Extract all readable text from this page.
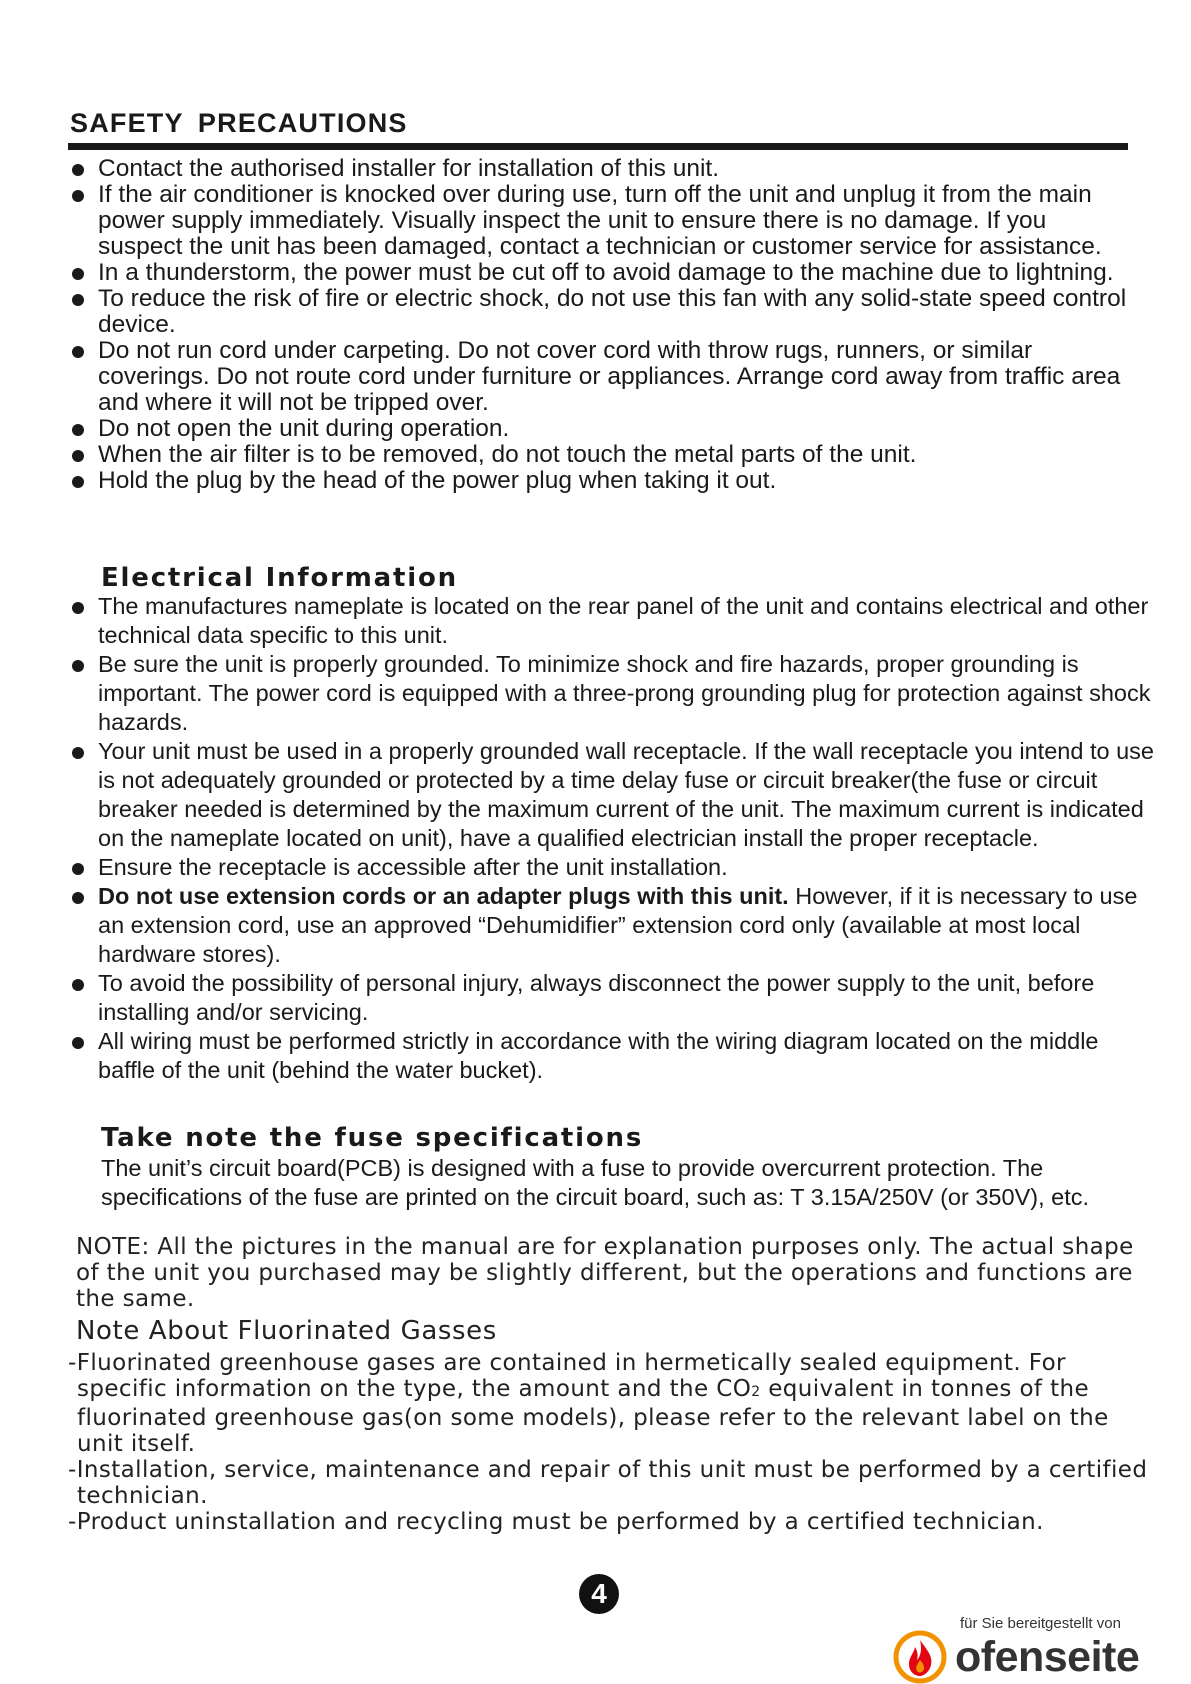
SAFETY PRECAUTIONS
Contact the authorised installer for installation of this unit.
If the air conditioner is knocked over during use, turn off the unit and unplug it from the main power supply immediately. Visually inspect the unit to ensure there is no damage. If you suspect the unit has been damaged, contact a technician or customer service for assistance.
In a thunderstorm, the power must be cut off to avoid damage to the machine due to lightning.
To reduce the risk of fire or electric shock, do not use this fan with any solid-state speed control device.
Do not run cord under carpeting. Do not cover cord with throw rugs, runners, or similar coverings. Do not route cord under furniture or appliances. Arrange cord away from traffic area and where it will not be tripped over.
Do not open the unit during operation.
When the air filter is to be removed, do not touch the metal parts of the unit.
Hold the plug by the head of the power plug when taking it out.
Electrical Information
The manufactures nameplate is located on the rear panel of the unit and contains electrical and other technical data specific to this unit.
Be sure the unit is properly grounded. To minimize shock and fire hazards, proper grounding is important. The power cord is equipped with a three-prong grounding plug for protection against shock hazards.
Your unit must be used in a properly grounded wall receptacle. If the wall receptacle you intend to use is not adequately grounded or protected by a time delay fuse or circuit breaker(the fuse or circuit breaker needed is determined by the maximum current of the unit. The maximum current is indicated on the nameplate located on unit), have a qualified electrician install the proper receptacle.
Ensure the receptacle is accessible after the unit installation.
Do not use extension cords or an adapter plugs with this unit. However, if it is necessary to use an extension cord, use an approved “Dehumidifier” extension cord only (available at most local hardware stores).
To avoid the possibility of personal injury, always disconnect the power supply to the unit, before installing and/or servicing.
All wiring must be performed strictly in accordance with the wiring diagram located on the middle baffle of the unit (behind the water bucket).
Take note the fuse specifications
The unit’s circuit board(PCB) is designed with a fuse to provide overcurrent protection. The specifications of the fuse are printed on the circuit board, such as: T 3.15A/250V (or 350V), etc.
NOTE: All the pictures in the manual are for explanation purposes only. The actual shape of the unit you purchased may be slightly different, but the operations and functions are the same.
Note About Fluorinated Gasses
-Fluorinated greenhouse gases are contained in hermetically sealed equipment. For specific information on the type, the amount and the CO2 equivalent in tonnes of the fluorinated greenhouse gas(on some models), please refer to the relevant label on the unit itself.
-Installation, service, maintenance and repair of this unit must be performed by a certified technician.
-Product uninstallation and recycling must be performed by a certified technician.
4
für Sie bereitgestellt von
ofenseite
